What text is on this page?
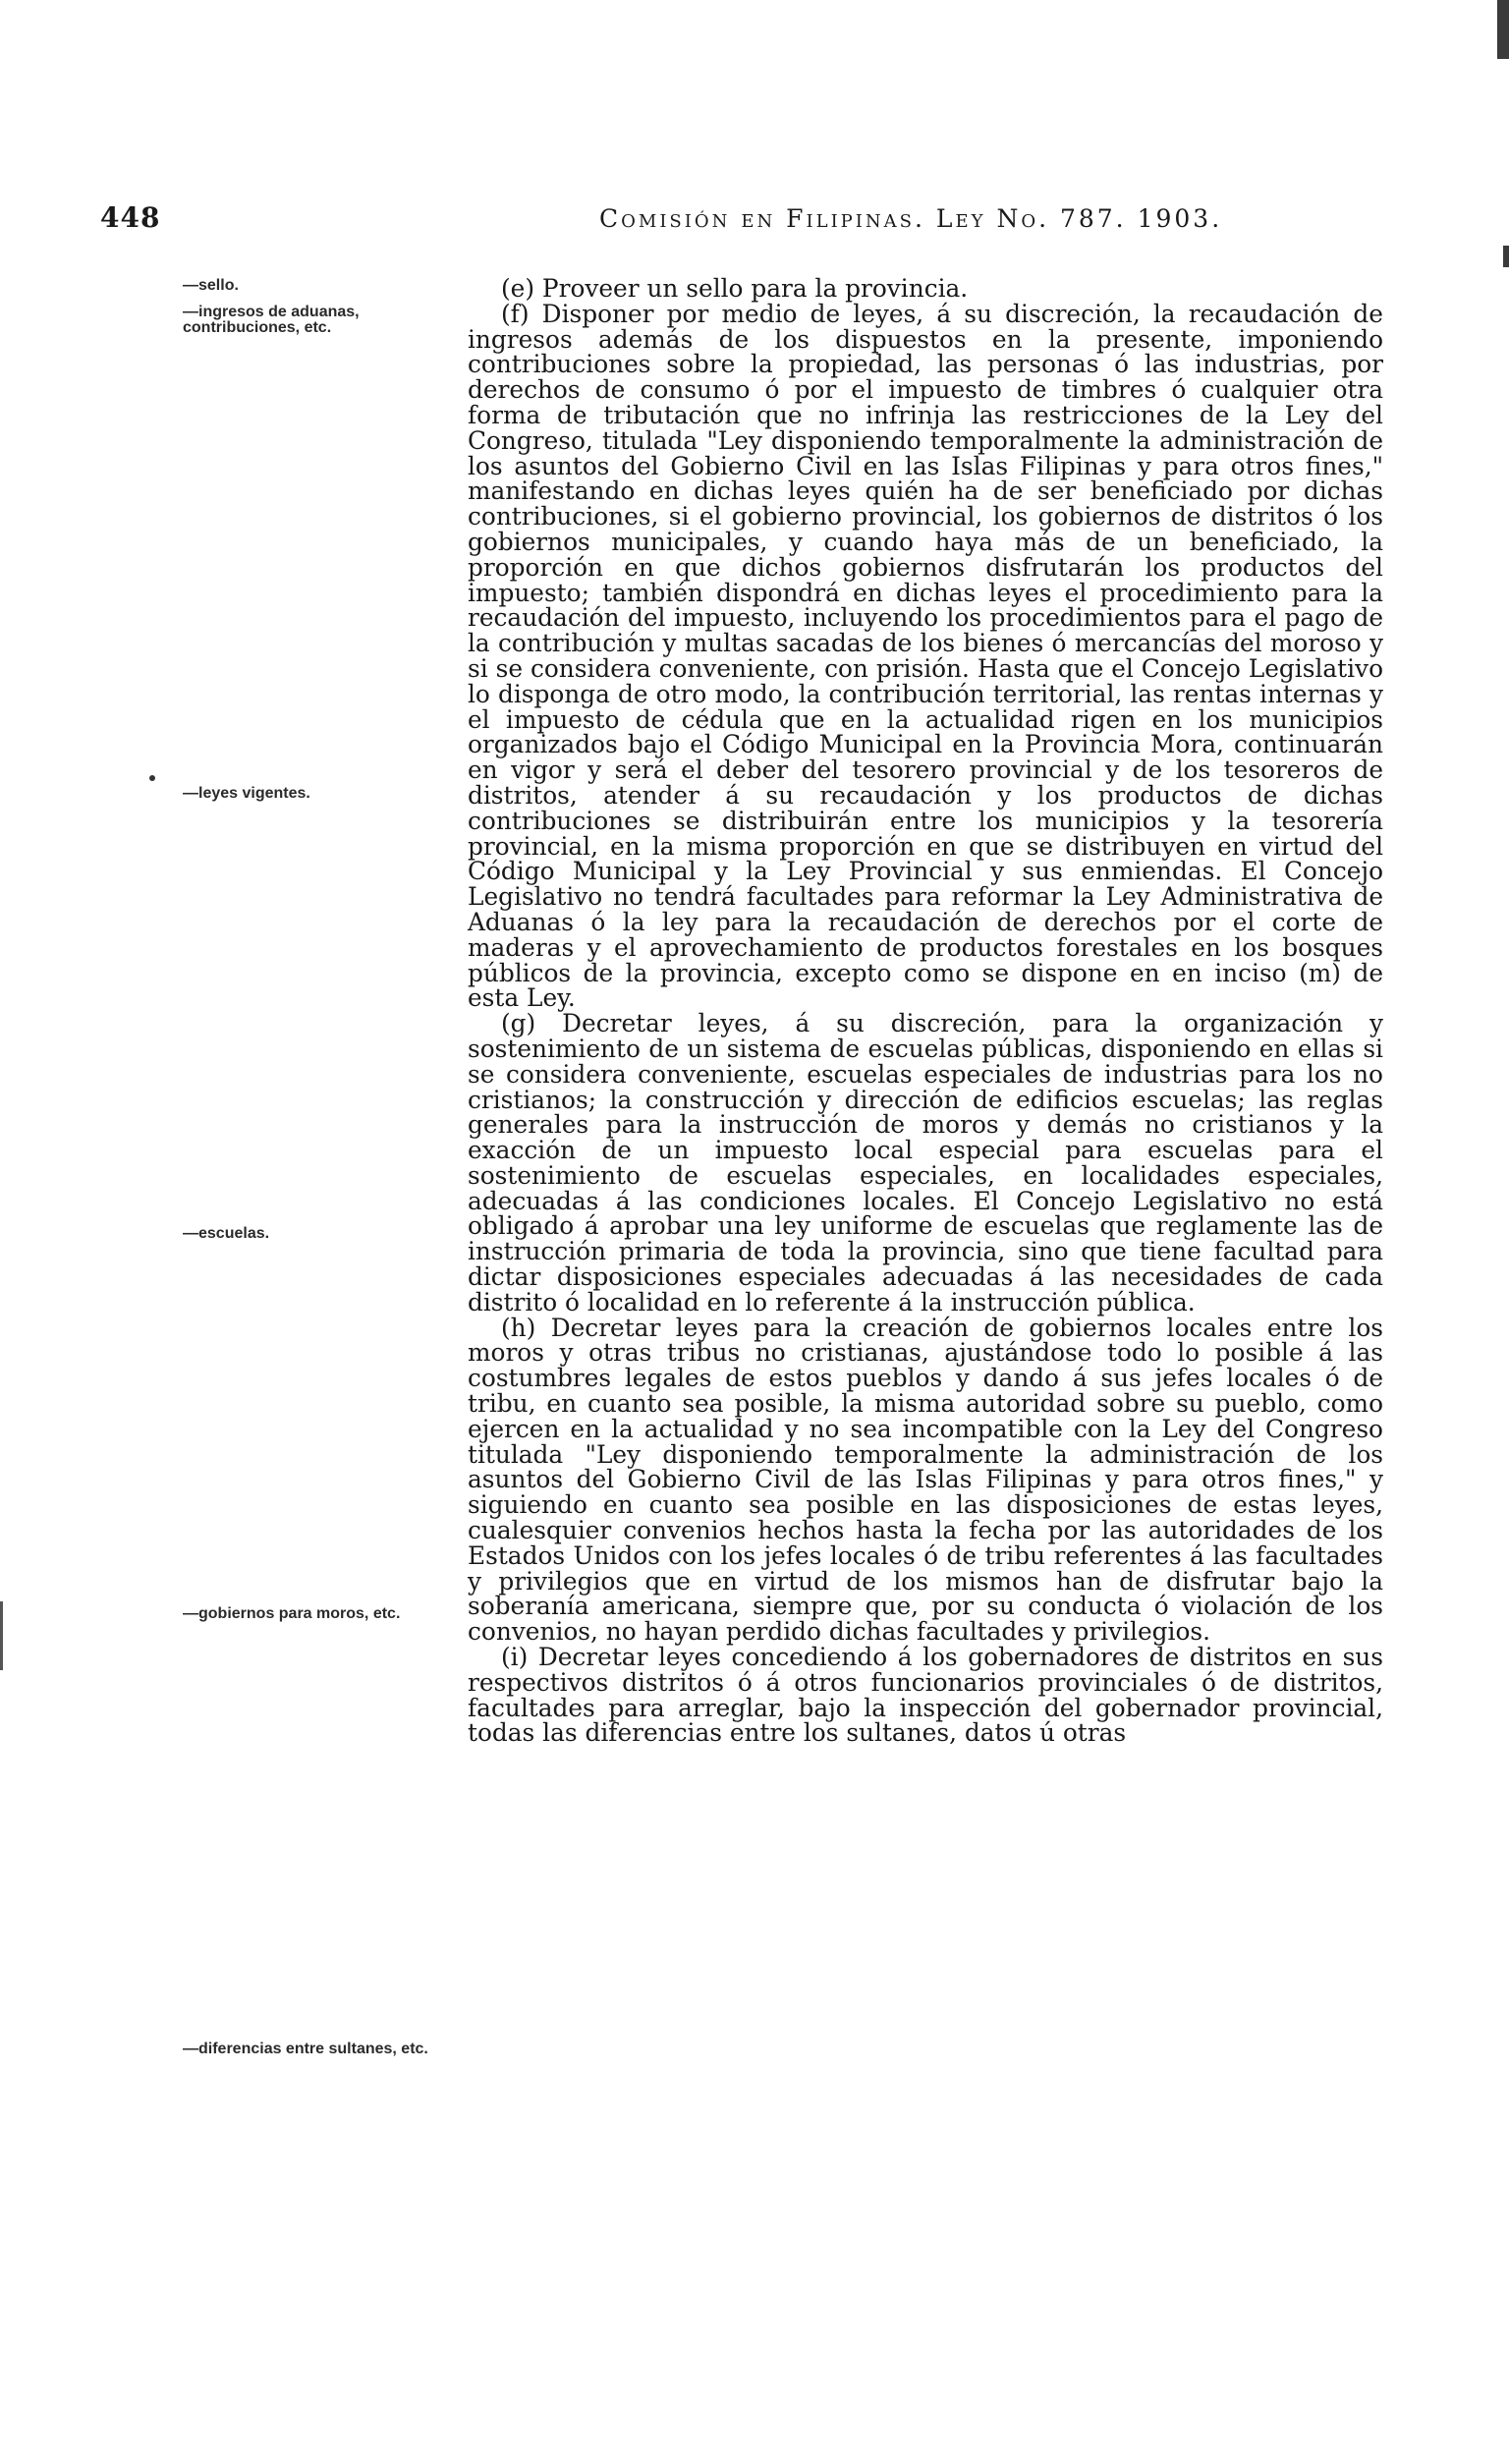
448	Comisión en Filipinas. Ley No. 787. 1903.
—sello.
—ingresos de aduanas, contribuciones, etc.
—leyes vigentes.
—escuelas.
—gobiernos para moros, etc.
—diferencias entre sultanes, etc.

(e) Proveer un sello para la provincia.

(f) Disponer por medio de leyes, á su discreción, la recaudación de ingresos además de los dispuestos en la presente, imponiendo contribuciones sobre la propiedad, las personas ó las industrias, por derechos de consumo ó por el impuesto de timbres ó cualquier otra forma de tributación que no infrinja las restricciones de la Ley del Congreso, titulada "Ley disponiendo temporalmente la administración de los asuntos del Gobierno Civil en las Islas Filipinas y para otros fines," manifestando en dichas leyes quién ha de ser beneficiado por dichas contribuciones, si el gobierno provincial, los gobiernos de distritos ó los gobiernos municipales, y cuando haya más de un beneficiado, la proporción en que dichos gobiernos disfrutarán los productos del impuesto; también dispondrá en dichas leyes el procedimiento para la recaudación del impuesto, incluyendo los procedimientos para el pago de la contribución y multas sacadas de los bienes ó mercancías del moroso y si se considera conveniente, con prisión. Hasta que el Concejo Legislativo lo disponga de otro modo, la contribución territorial, las rentas internas y el impuesto de cédula que en la actualidad rigen en los municipios organizados bajo el Código Municipal en la Provincia Mora, continuarán en vigor y será el deber del tesorero provincial y de los tesoreros de distritos, atender á su recaudación y los productos de dichas contribuciones se distribuirán entre los municipios y la tesorería provincial, en la misma proporción en que se distribuyen en virtud del Código Municipal y la Ley Provincial y sus enmiendas. El Concejo Legislativo no tendrá facultades para reformar la Ley Administrativa de Aduanas ó la ley para la recaudación de derechos por el corte de maderas y el aprovechamiento de productos forestales en los bosques públicos de la provincia, excepto como se dispone en en inciso (m) de esta Ley.

(g) Decretar leyes, á su discreción, para la organización y sostenimiento de un sistema de escuelas públicas, disponiendo en ellas si se considera conveniente, escuelas especiales de industrias para los no cristianos; la construcción y dirección de edificios escuelas; las reglas generales para la instrucción de moros y demás no cristianos y la exacción de un impuesto local especial para escuelas para el sostenimiento de escuelas especiales, en localidades especiales, adecuadas á las condiciones locales. El Concejo Legislativo no está obligado á aprobar una ley uniforme de escuelas que reglamente las de instrucción primaria de toda la provincia, sino que tiene facultad para dictar disposiciones especiales adecuadas á las necesidades de cada distrito ó localidad en lo referente á la instrucción pública.

(h) Decretar leyes para la creación de gobiernos locales entre los moros y otras tribus no cristianas, ajustándose todo lo posible á las costumbres legales de estos pueblos y dando á sus jefes locales ó de tribu, en cuanto sea posible, la misma autoridad sobre su pueblo, como ejercen en la actualidad y no sea incompatible con la Ley del Congreso titulada "Ley disponiendo temporalmente la administración de los asuntos del Gobierno Civil de las Islas Filipinas y para otros fines," y siguiendo en cuanto sea posible en las disposiciones de estas leyes, cualesquier convenios hechos hasta la fecha por las autoridades de los Estados Unidos con los jefes locales ó de tribu referentes á las facultades y privilegios que en virtud de los mismos han de disfrutar bajo la soberanía americana, siempre que, por su conducta ó violación de los convenios, no hayan perdido dichas facultades y privilegios.

(i) Decretar leyes concediendo á los gobernadores de distritos en sus respectivos distritos ó á otros funcionarios provinciales ó de distritos, facultades para arreglar, bajo la inspección del gobernador provincial, todas las diferencias entre los sultanes, datos ú otras
